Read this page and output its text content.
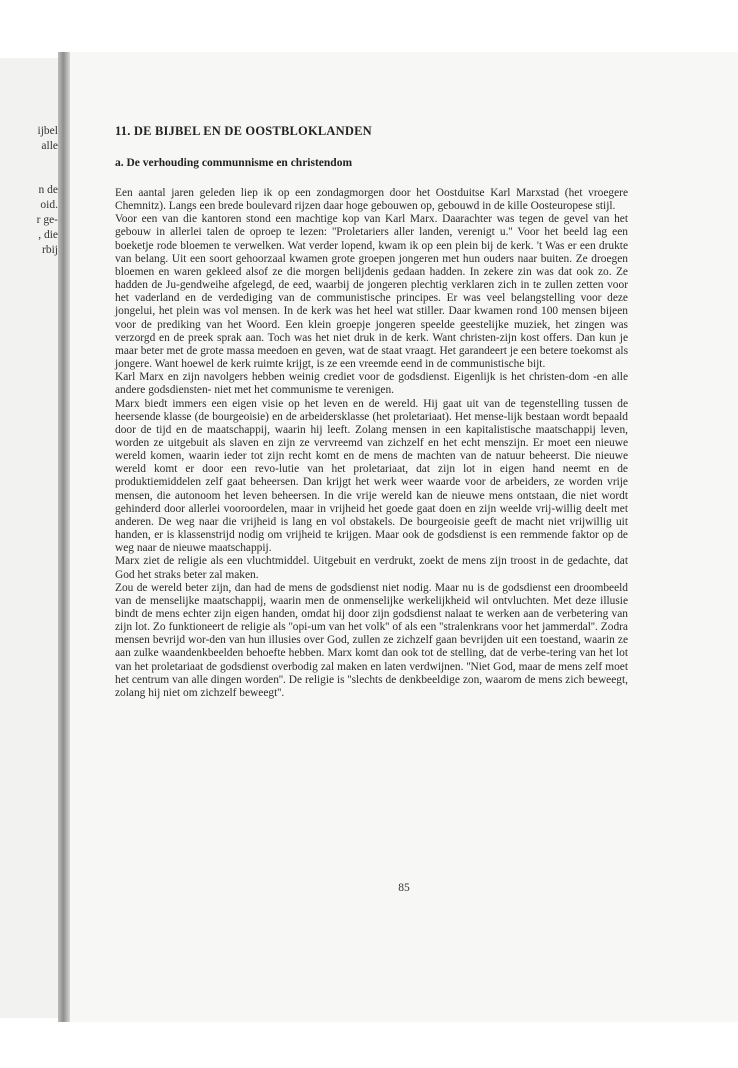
ijbel
alle
n de
oid.
r ge-
, die
rbij
11. DE BIJBEL EN DE OOSTBLOKLANDEN
a. De verhouding communnisme en christendom

Een aantal jaren geleden liep ik op een zondagmorgen door het Oostduitse Karl Marxstad (het vroegere Chemnitz). Langs een brede boulevard rijzen daar hoge gebouwen op, gebouwd in de kille Oosteuropese stijl.

Voor een van die kantoren stond een machtige kop van Karl Marx. Daarachter was tegen de gevel van het gebouw in allerlei talen de oproep te lezen: ''Proletariers aller landen, verenigt u.'' Voor het beeld lag een boeketje rode bloemen te verwelken. Wat verder lopend, kwam ik op een plein bij de kerk. 't Was er een drukte van belang. Uit een soort gehoorzaal kwamen grote groepen jongeren met hun ouders naar buiten. Ze droegen bloemen en waren gekleed alsof ze die morgen belijdenis gedaan hadden. In zekere zin was dat ook zo. Ze hadden de Ju-gendweihe afgelegd, de eed, waarbij de jongeren plechtig verklaren zich in te zullen zetten voor het vaderland en de verdediging van de communistische principes. Er was veel belangstelling voor deze jongelui, het plein was vol mensen. In de kerk was het heel wat stiller. Daar kwamen rond 100 mensen bijeen voor de prediking van het Woord. Een klein groepje jongeren speelde geestelijke muziek, het zingen was verzorgd en de preek sprak aan. Toch was het niet druk in de kerk. Want christen-zijn kost offers. Dan kun je maar beter met de grote massa meedoen en geven, wat de staat vraagt. Het garandeert je een betere toekomst als jongere. Want hoewel de kerk ruimte krijgt, is ze een vreemde eend in de communistische bijt.

Karl Marx en zijn navolgers hebben weinig crediet voor de godsdienst. Eigenlijk is het christen-dom -en alle andere godsdiensten- niet met het communisme te verenigen.

Marx biedt immers een eigen visie op het leven en de wereld. Hij gaat uit van de tegenstelling tussen de heersende klasse (de bourgeoisie) en de arbeidersklasse (het proletariaat). Het mense-lijk bestaan wordt bepaald door de tijd en de maatschappij, waarin hij leeft. Zolang mensen in een kapitalistische maatschappij leven, worden ze uitgebuit als slaven en zijn ze vervreemd van zichzelf en het echt menszijn. Er moet een nieuwe wereld komen, waarin ieder tot zijn recht komt en de mens de machten van de natuur beheerst. Die nieuwe wereld komt er door een revo-lutie van het proletariaat, dat zijn lot in eigen hand neemt en de produktiemiddelen zelf gaat beheersen. Dan krijgt het werk weer waarde voor de arbeiders, ze worden vrije mensen, die autonoom het leven beheersen. In die vrije wereld kan de nieuwe mens ontstaan, die niet wordt gehinderd door allerlei vooroordelen, maar in vrijheid het goede gaat doen en zijn weelde vrij-willig deelt met anderen. De weg naar die vrijheid is lang en vol obstakels. De bourgeoisie geeft de macht niet vrijwillig uit handen, er is klassenstrijd nodig om vrijheid te krijgen. Maar ook de godsdienst is een remmende faktor op de weg naar de nieuwe maatschappij.

Marx ziet de religie als een vluchtmiddel. Uitgebuit en verdrukt, zoekt de mens zijn troost in de gedachte, dat God het straks beter zal maken.

Zou de wereld beter zijn, dan had de mens de godsdienst niet nodig. Maar nu is de godsdienst een droombeeld van de menselijke maatschappij, waarin men de onmenselijke werkelijkheid wil ontvluchten. Met deze illusie bindt de mens echter zijn eigen handen, omdat hij door zijn godsdienst nalaat te werken aan de verbetering van zijn lot. Zo funktioneert de religie als ''opi-um van het volk'' of als een ''stralenkrans voor het jammerdal''. Zodra mensen bevrijd wor-den van hun illusies over God, zullen ze zichzelf gaan bevrijden uit een toestand, waarin ze aan zulke waandenkbeelden behoefte hebben. Marx komt dan ook tot de stelling, dat de verbe-tering van het lot van het proletariaat de godsdienst overbodig zal maken en laten verdwijnen. ''Niet God, maar de mens zelf moet het centrum van alle dingen worden''. De religie is ''slechts de denkbeeldige zon, waarom de mens zich beweegt, zolang hij niet om zichzelf beweegt''.

85
